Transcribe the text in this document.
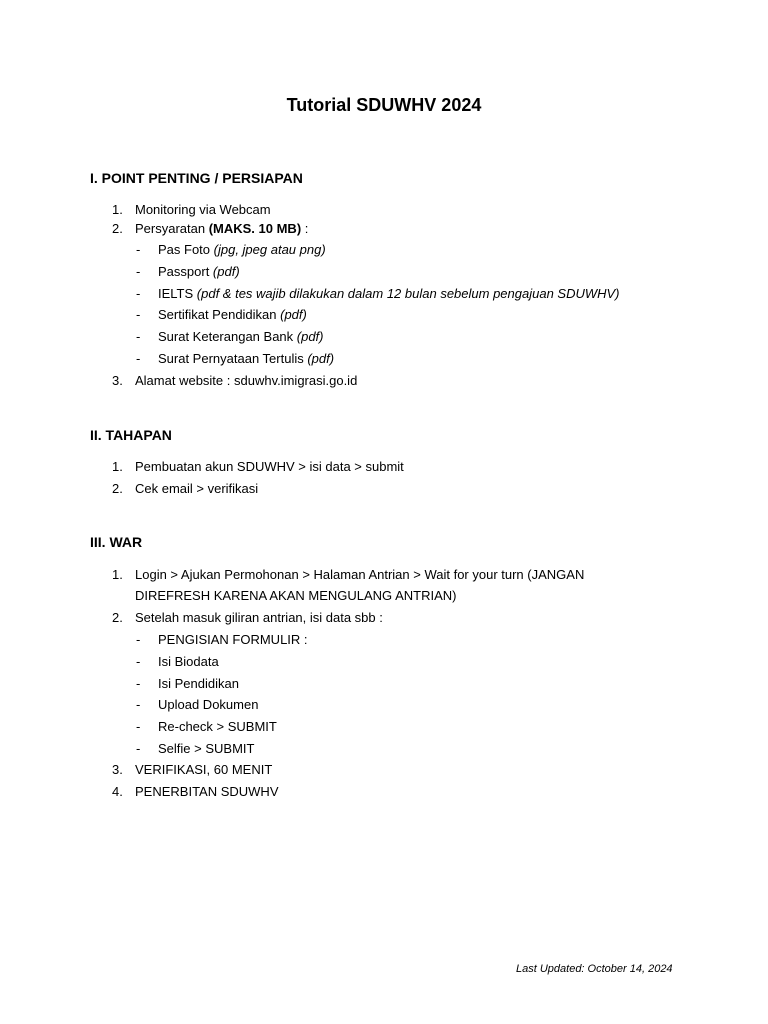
Tutorial SDUWHV 2024
I. POINT PENTING / PERSIAPAN
1. Monitoring via Webcam
2. Persyaratan (MAKS. 10 MB) :
- Pas Foto (jpg, jpeg atau png)
- Passport (pdf)
- IELTS (pdf & tes wajib dilakukan dalam 12 bulan sebelum pengajuan SDUWHV)
- Sertifikat Pendidikan (pdf)
- Surat Keterangan Bank (pdf)
- Surat Pernyataan Tertulis (pdf)
3. Alamat website : sduwhv.imigrasi.go.id
II. TAHAPAN
1. Pembuatan akun SDUWHV > isi data > submit
2. Cek email > verifikasi
III. WAR
1. Login > Ajukan Permohonan > Halaman Antrian > Wait for your turn (JANGAN DIREFRESH KARENA AKAN MENGULANG ANTRIAN)
2. Setelah masuk giliran antrian, isi data sbb :
- PENGISIAN FORMULIR :
- Isi Biodata
- Isi Pendidikan
- Upload Dokumen
- Re-check > SUBMIT
- Selfie > SUBMIT
3. VERIFIKASI, 60 MENIT
4. PENERBITAN SDUWHV
Last Updated: October 14, 2024
